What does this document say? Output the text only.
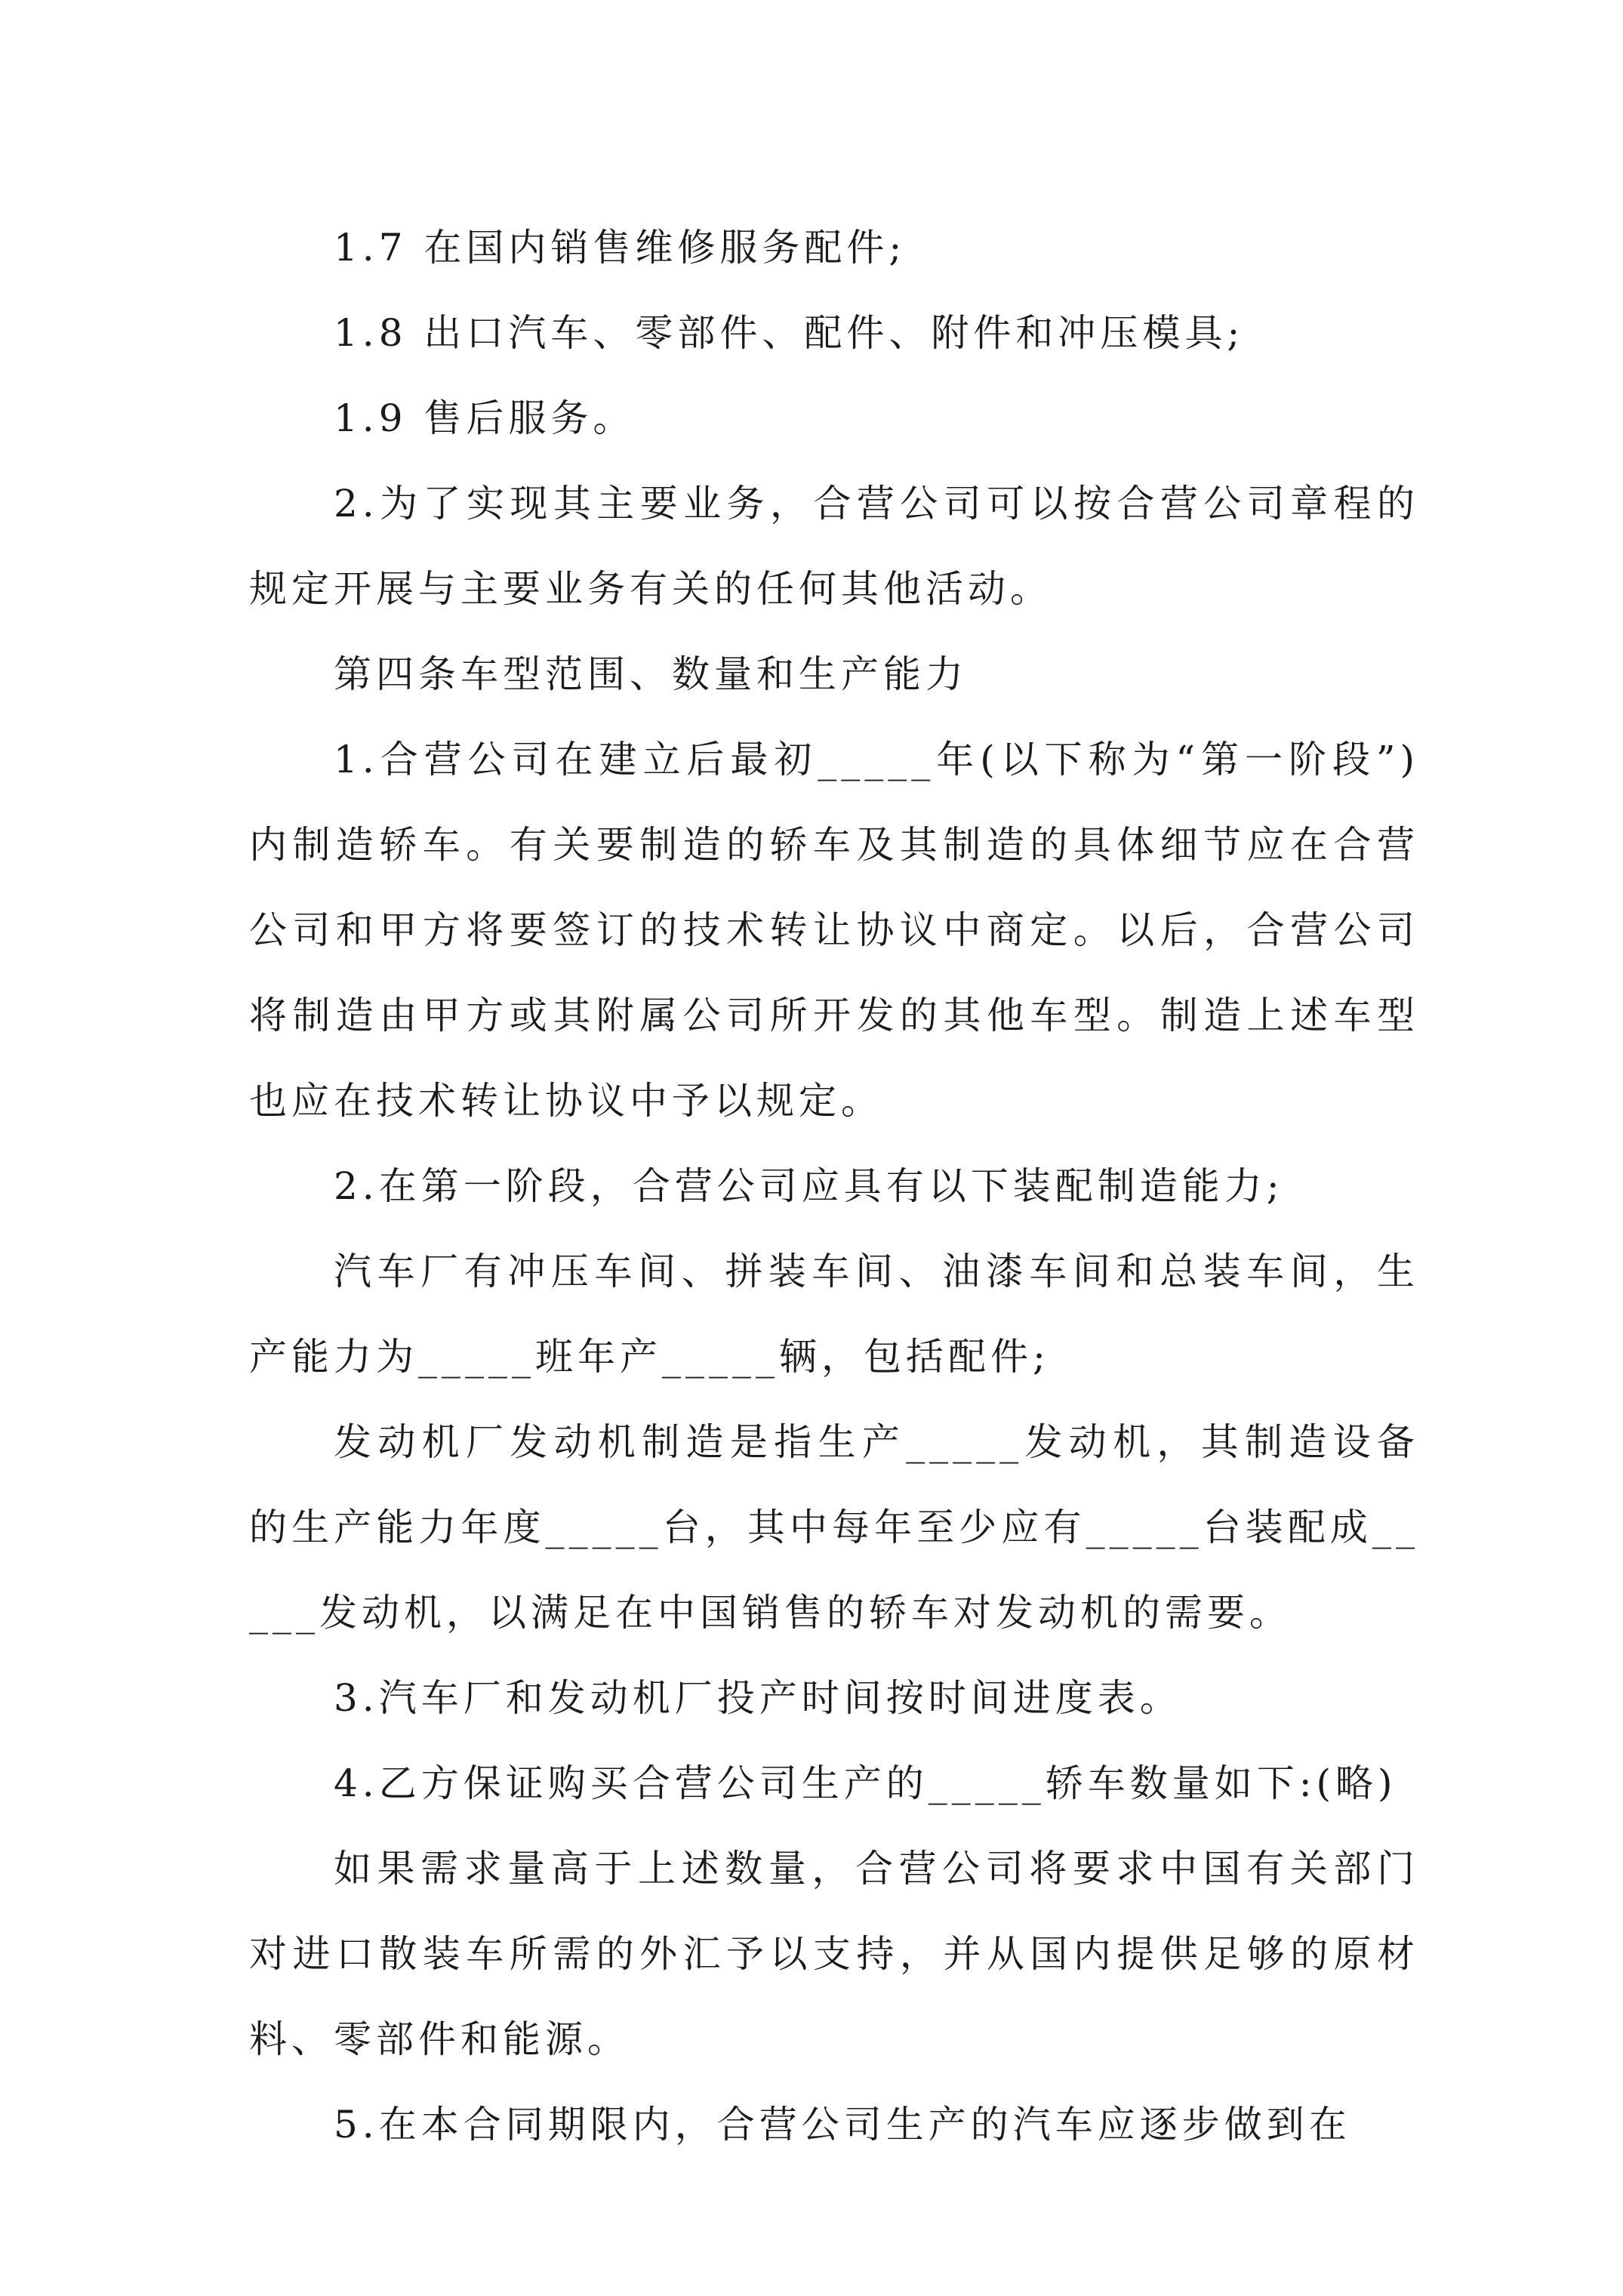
1.7 在国内销售维修服务配件;

1.8 出口汽车、零部件、配件、附件和冲压模具;

1.9 售后服务。

2.为了实现其主要业务，合营公司可以按合营公司章程的规定开展与主要业务有关的任何其他活动。

第四条车型范围、数量和生产能力

1.合营公司在建立后最初_____年(以下称为“第一阶段”)内制造轿车。有关要制造的轿车及其制造的具体细节应在合营公司和甲方将要签订的技术转让协议中商定。以后，合营公司将制造由甲方或其附属公司所开发的其他车型。制造上述车型也应在技术转让协议中予以规定。

2.在第一阶段，合营公司应具有以下装配制造能力;

汽车厂有冲压车间、拼装车间、油漆车间和总装车间，生产能力为_____班年产_____辆，包括配件;

发动机厂发动机制造是指生产_____发动机，其制造设备的生产能力年度_____台，其中每年至少应有_____台装配成_____发动机，以满足在中国销售的轿车对发动机的需要。

3.汽车厂和发动机厂投产时间按时间进度表。

4.乙方保证购买合营公司生产的_____轿车数量如下:(略)

如果需求量高于上述数量，合营公司将要求中国有关部门对进口散装车所需的外汇予以支持，并从国内提供足够的原材料、零部件和能源。

5.在本合同期限内，合营公司生产的汽车应逐步做到在
